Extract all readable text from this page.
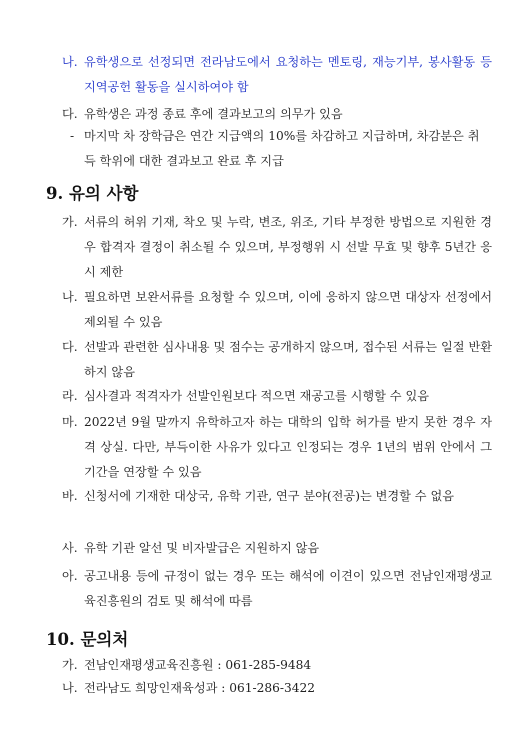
나. 유학생으로 선정되면 전라남도에서 요청하는 멘토링, 재능기부, 봉사활동 등 지역공헌 활동을 실시하여야 함
다. 유학생은 과정 종료 후에 결과보고의 의무가 있음
- 마지막 차 장학금은 연간 지급액의 10%를 차감하고 지급하며, 차감분은 취득 학위에 대한 결과보고 완료 후 지급
9. 유의 사항
가. 서류의 허위 기재, 착오 및 누락, 변조, 위조, 기타 부정한 방법으로 지원한 경우 합격자 결정이 취소될 수 있으며, 부정행위 시 선발 무효 및 향후 5년간 응시 제한
나. 필요하면 보완서류를 요청할 수 있으며, 이에 응하지 않으면 대상자 선정에서 제외될 수 있음
다. 선발과 관련한 심사내용 및 점수는 공개하지 않으며, 접수된 서류는 일절 반환하지 않음
라. 심사결과 적격자가 선발인원보다 적으면 재공고를 시행할 수 있음
마. 2022년 9월 말까지 유학하고자 하는 대학의 입학 허가를 받지 못한 경우 자격 상실. 다만, 부득이한 사유가 있다고 인정되는 경우 1년의 범위 안에서 그 기간을 연장할 수 있음
바. 신청서에 기재한 대상국, 유학 기관, 연구 분야(전공)는 변경할 수 없음
사. 유학 기관 알선 및 비자발급은 지원하지 않음
아. 공고내용 등에 규정이 없는 경우 또는 해석에 이견이 있으면 전남인재평생교육진흥원의 검토 및 해석에 따름
10. 문의처
가. 전남인재평생교육진흥원 : 061-285-9484
나. 전라남도 희망인재육성과 : 061-286-3422
